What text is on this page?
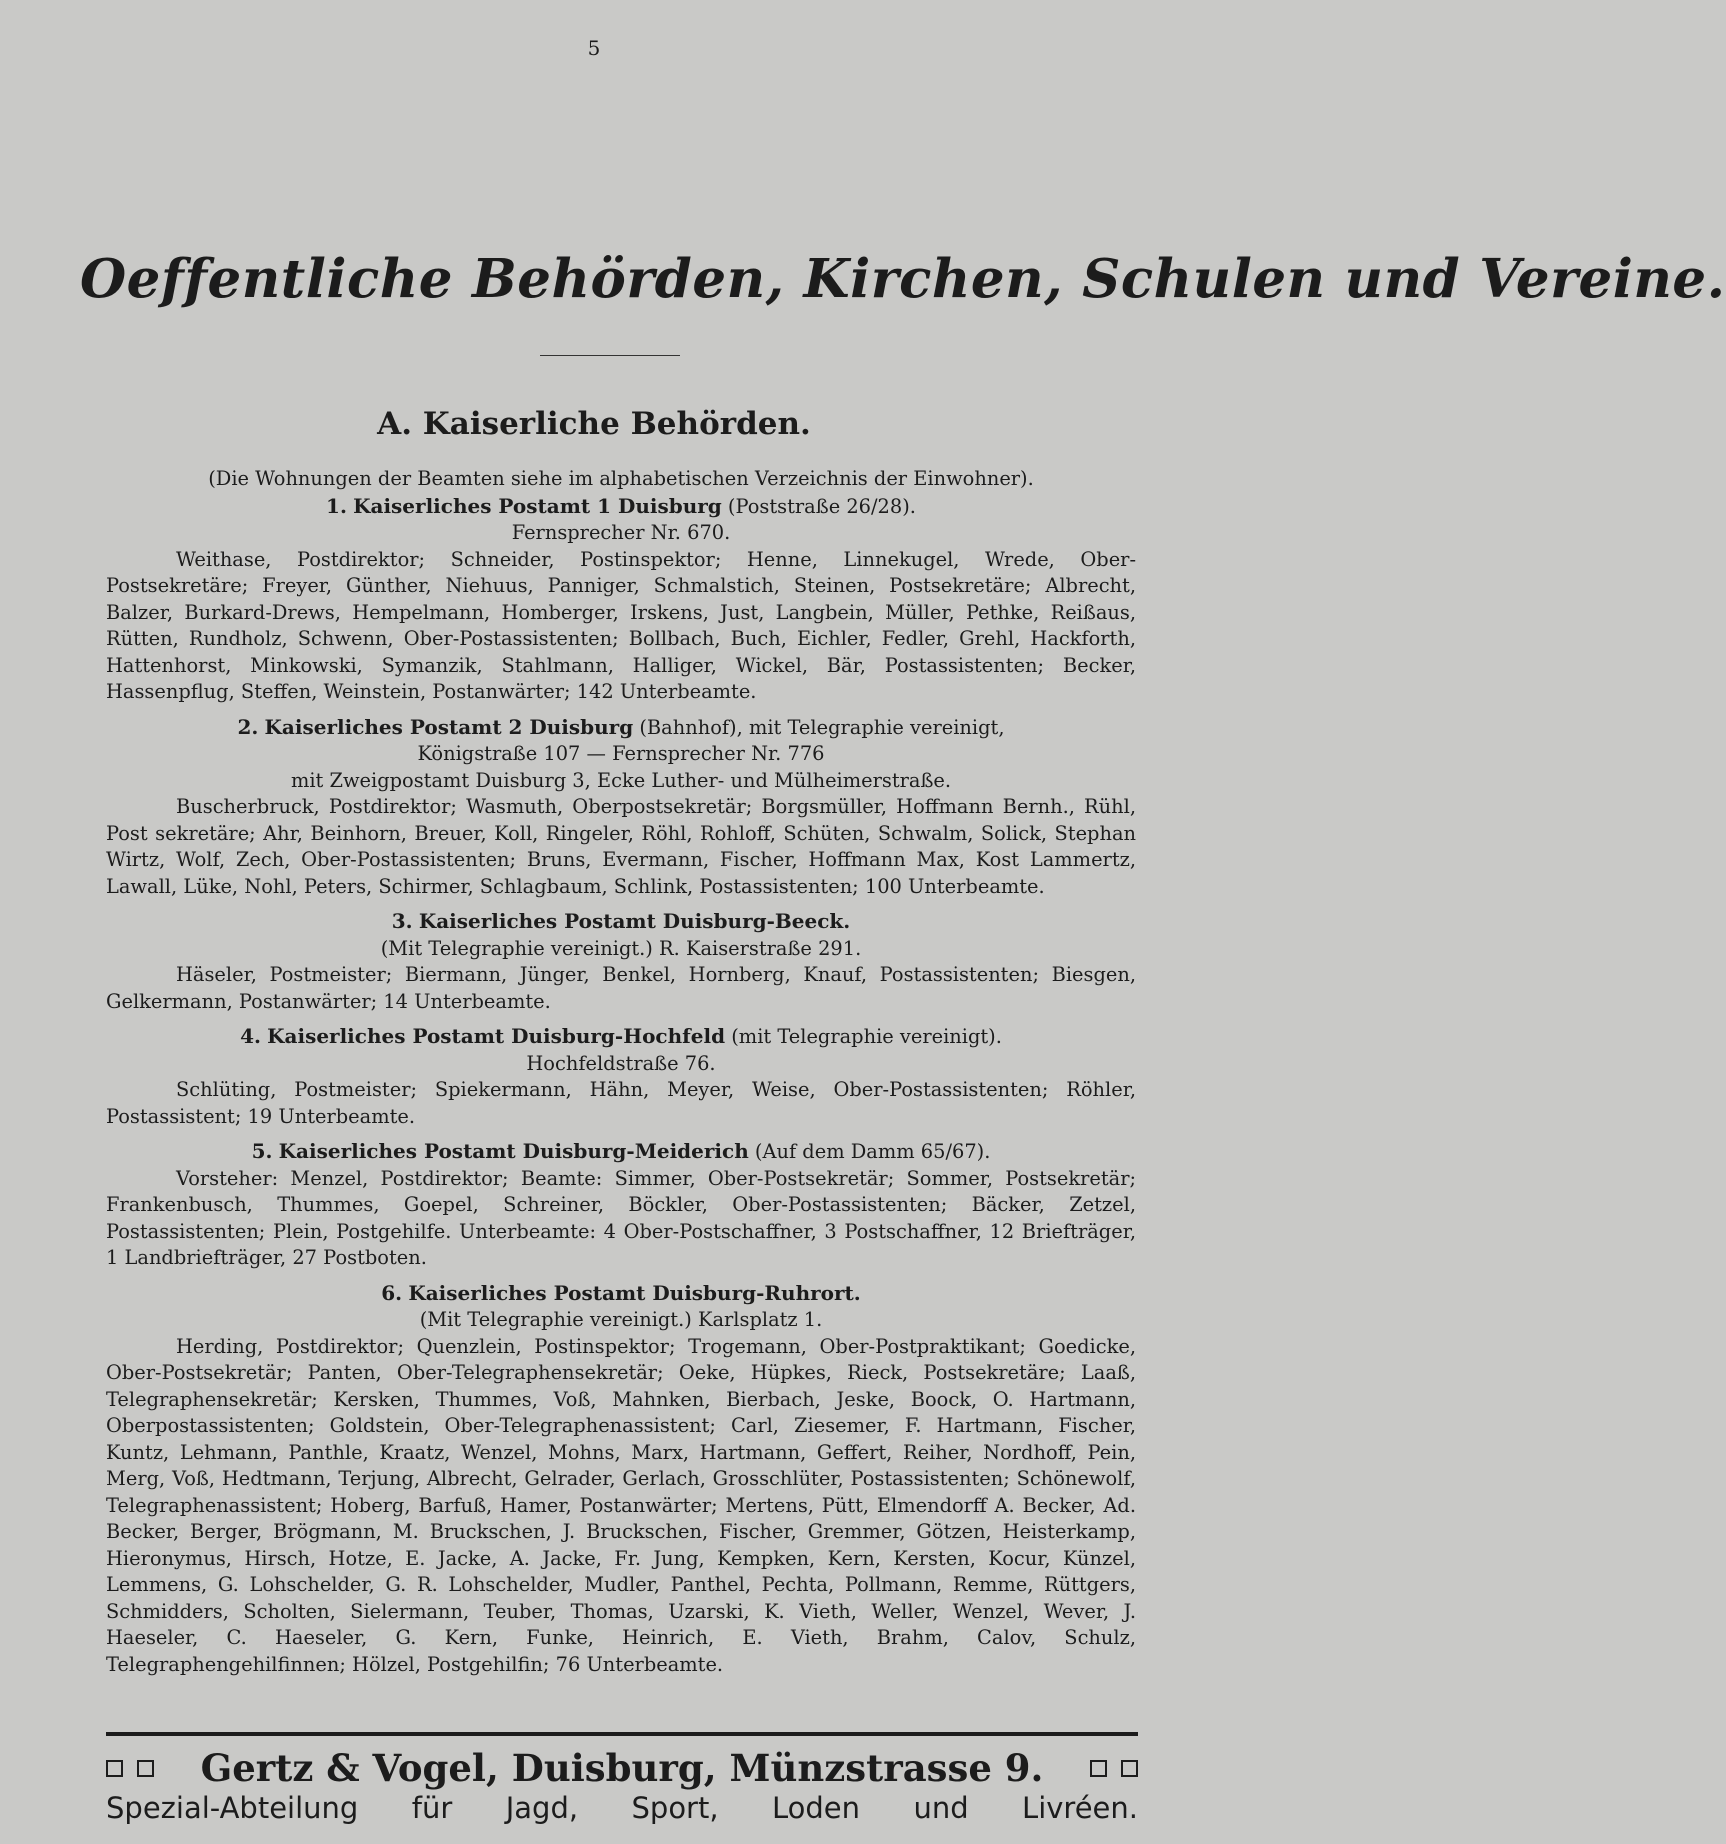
5
Oeffentliche Behörden, Kirchen, Schulen und Vereine.
A. Kaiserliche Behörden.
(Die Wohnungen der Beamten siehe im alphabetischen Verzeichnis der Einwohner).
1. Kaiserliches Postamt 1 Duisburg (Poststraße 26/28).
Fernsprecher Nr. 670.
Weithase, Postdirektor; Schneider, Postinspektor; Henne, Linnekugel, Wrede, Ober-Postsekretäre; Freyer, Günther, Niehuus, Panniger, Schmalstich, Steinen, Postsekretäre; Albrecht, Balzer, Burkard-Drews, Hempelmann, Homberger, Irskens, Just, Langbein, Müller, Pethke, Reißaus, Rütten, Rundholz, Schwenn, Ober-Postassistenten; Bollbach, Buch, Eichler, Fedler, Grehl, Hackforth, Hattenhorst, Minkowski, Symanzik, Stahlmann, Halliger, Wickel, Bär, Postassistenten; Becker, Hassenpflug, Steffen, Weinstein, Postanwärter; 142 Unterbeamte.
2. Kaiserliches Postamt 2 Duisburg (Bahnhof), mit Telegraphie vereinigt,
Königstraße 107 — Fernsprecher Nr. 776
mit Zweigpostamt Duisburg 3, Ecke Luther- und Mülheimerstraße.
Buscherbruck, Postdirektor; Wasmuth, Oberpostsekretär; Borgsmüller, Hoffmann Bernh., Rühl, Post sekretäre; Ahr, Beinhorn, Breuer, Koll, Ringeler, Röhl, Rohloff, Schüten, Schwalm, Solick, Stephan Wirtz, Wolf, Zech, Ober-Postassistenten; Bruns, Evermann, Fischer, Hoffmann Max, Kost Lammertz, Lawall, Lüke, Nohl, Peters, Schirmer, Schlagbaum, Schlink, Postassistenten; 100 Unterbeamte.
3. Kaiserliches Postamt Duisburg-Beeck.
(Mit Telegraphie vereinigt.) R. Kaiserstraße 291.
Häseler, Postmeister; Biermann, Jünger, Benkel, Hornberg, Knauf, Postassistenten; Biesgen, Gelkermann, Postanwärter; 14 Unterbeamte.
4. Kaiserliches Postamt Duisburg-Hochfeld (mit Telegraphie vereinigt).
Hochfeldstraße 76.
Schlüting, Postmeister; Spiekermann, Hähn, Meyer, Weise, Ober-Postassistenten; Röhler, Postassistent; 19 Unterbeamte.
5. Kaiserliches Postamt Duisburg-Meiderich (Auf dem Damm 65/67).
Vorsteher: Menzel, Postdirektor; Beamte: Simmer, Ober-Postsekretär; Sommer, Postsekretär; Frankenbusch, Thummes, Goepel, Schreiner, Böckler, Ober-Postassistenten; Bäcker, Zetzel, Postassistenten; Plein, Postgehilfe. Unterbeamte: 4 Ober-Postschaffner, 3 Postschaffner, 12 Briefträger, 1 Landbriefträger, 27 Postboten.
6. Kaiserliches Postamt Duisburg-Ruhrort.
(Mit Telegraphie vereinigt.) Karlsplatz 1.
Herding, Postdirektor; Quenzlein, Postinspektor; Trogemann, Ober-Postpraktikant; Goedicke, Ober-Postsekretär; Panten, Ober-Telegraphensekretär; Oeke, Hüpkes, Rieck, Postsekretäre; Laaß, Telegraphensekretär; Kersken, Thummes, Voß, Mahnken, Bierbach, Jeske, Boock, O. Hartmann, Oberpostassistenten; Goldstein, Ober-Telegraphenassistent; Carl, Ziesemer, F. Hartmann, Fischer, Kuntz, Lehmann, Panthle, Kraatz, Wenzel, Mohns, Marx, Hartmann, Geffert, Reiher, Nordhoff, Pein, Merg, Voß, Hedtmann, Terjung, Albrecht, Gelrader, Gerlach, Grosschlüter, Postassistenten; Schönewolf, Telegraphenassistent; Hoberg, Barfuß, Hamer, Postanwärter; Mertens, Pütt, Elmendorff A. Becker, Ad. Becker, Berger, Brögmann, M. Bruckschen, J. Bruckschen, Fischer, Gremmer, Götzen, Heisterkamp, Hieronymus, Hirsch, Hotze, E. Jacke, A. Jacke, Fr. Jung, Kempken, Kern, Kersten, Kocur, Künzel, Lemmens, G. Lohschelder, G. R. Lohschelder, Mudler, Panthel, Pechta, Pollmann, Remme, Rüttgers, Schmidders, Scholten, Sielermann, Teuber, Thomas, Uzarski, K. Vieth, Weller, Wenzel, Wever, J. Haeseler, C. Haeseler, G. Kern, Funke, Heinrich, E. Vieth, Brahm, Calov, Schulz, Telegraphengehilfinnen; Hölzel, Postgehilfin; 76 Unterbeamte.
Gertz & Vogel, Duisburg, Münzstrasse 9.
Spezial-Abteilung für Jagd, Sport, Loden und Livréen.
